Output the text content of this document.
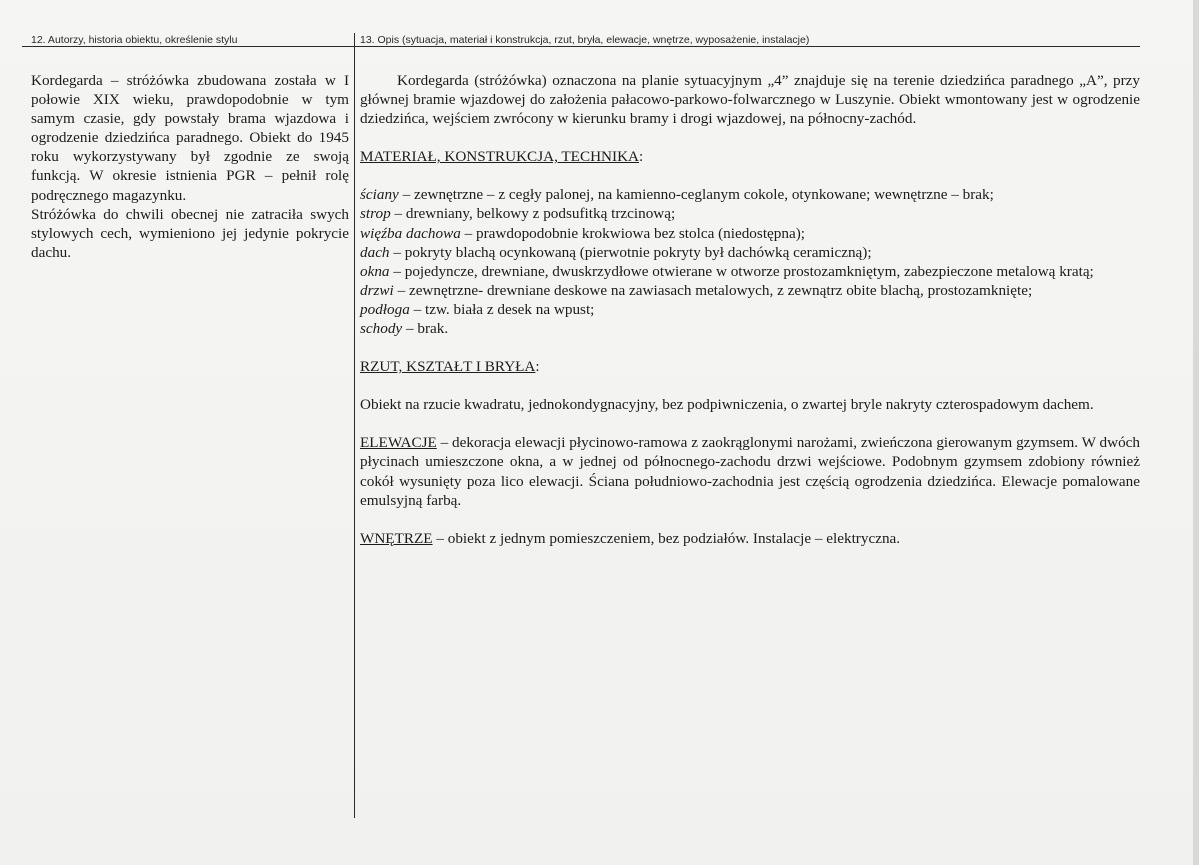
12. Autorzy, historia obiektu, określenie stylu	13. Opis (sytuacja, materiał i konstrukcja, rzut, bryła, elewacje, wnętrze, wyposażenie, instalacje)

Kordegarda – stróżówka zbudowana została w I połowie XIX wieku, prawdopodobnie w tym samym czasie, gdy powstały brama wjazdowa i ogrodzenie dziedzińca paradnego. Obiekt do 1945 roku wykorzystywany był zgodnie ze swoją funkcją. W okresie istnienia PGR – pełnił rolę podręcznego magazynku.

Stróżówka do chwili obecnej nie zatraciła swych stylowych cech, wymieniono jej jedynie pokrycie dachu.

Kordegarda (stróżówka) oznaczona na planie sytuacyjnym „4” znajduje się na terenie dziedzińca paradnego „A”, przy głównej bramie wjazdowej do założenia pałacowo-parkowo-folwarcznego w Luszynie. Obiekt wmontowany jest w ogrodzenie dziedzińca, wejściem zwrócony w kierunku bramy i drogi wjazdowej, na północny-zachód.

MATERIAŁ, KONSTRUKCJA, TECHNIKA:

ściany – zewnętrzne – z cegły palonej, na kamienno-ceglanym cokole, otynkowane; wewnętrzne – brak;

strop – drewniany, belkowy z podsufitką trzcinową;

więźba dachowa – prawdopodobnie krokwiowa bez stolca (niedostępna);

dach – pokryty blachą ocynkowaną (pierwotnie pokryty był dachówką ceramiczną);

okna – pojedyncze, drewniane, dwuskrzydłowe otwierane w otworze prostozamkniętym, zabezpieczone metalową kratą;

drzwi – zewnętrzne- drewniane deskowe na zawiasach metalowych, z zewnątrz obite blachą, prostozamknięte;

podłoga – tzw. biała z desek na wpust;

schody – brak.

RZUT, KSZTAŁT I BRYŁA:

Obiekt na rzucie kwadratu, jednokondygnacyjny, bez podpiwniczenia, o zwartej bryle nakryty czterospadowym dachem.

ELEWACJE – dekoracja elewacji płycinowo-ramowa z zaokrąglonymi narożami, zwieńczona gierowanym gzymsem. W dwóch płycinach umieszczone okna, a w jednej od północnego-zachodu drzwi wejściowe. Podobnym gzymsem zdobiony również cokół wysunięty poza lico elewacji. Ściana południowo-zachodnia jest częścią ogrodzenia dziedzińca. Elewacje pomalowane emulsyjną farbą.

WNĘTRZE – obiekt z jednym pomieszczeniem, bez podziałów. Instalacje – elektryczna.
